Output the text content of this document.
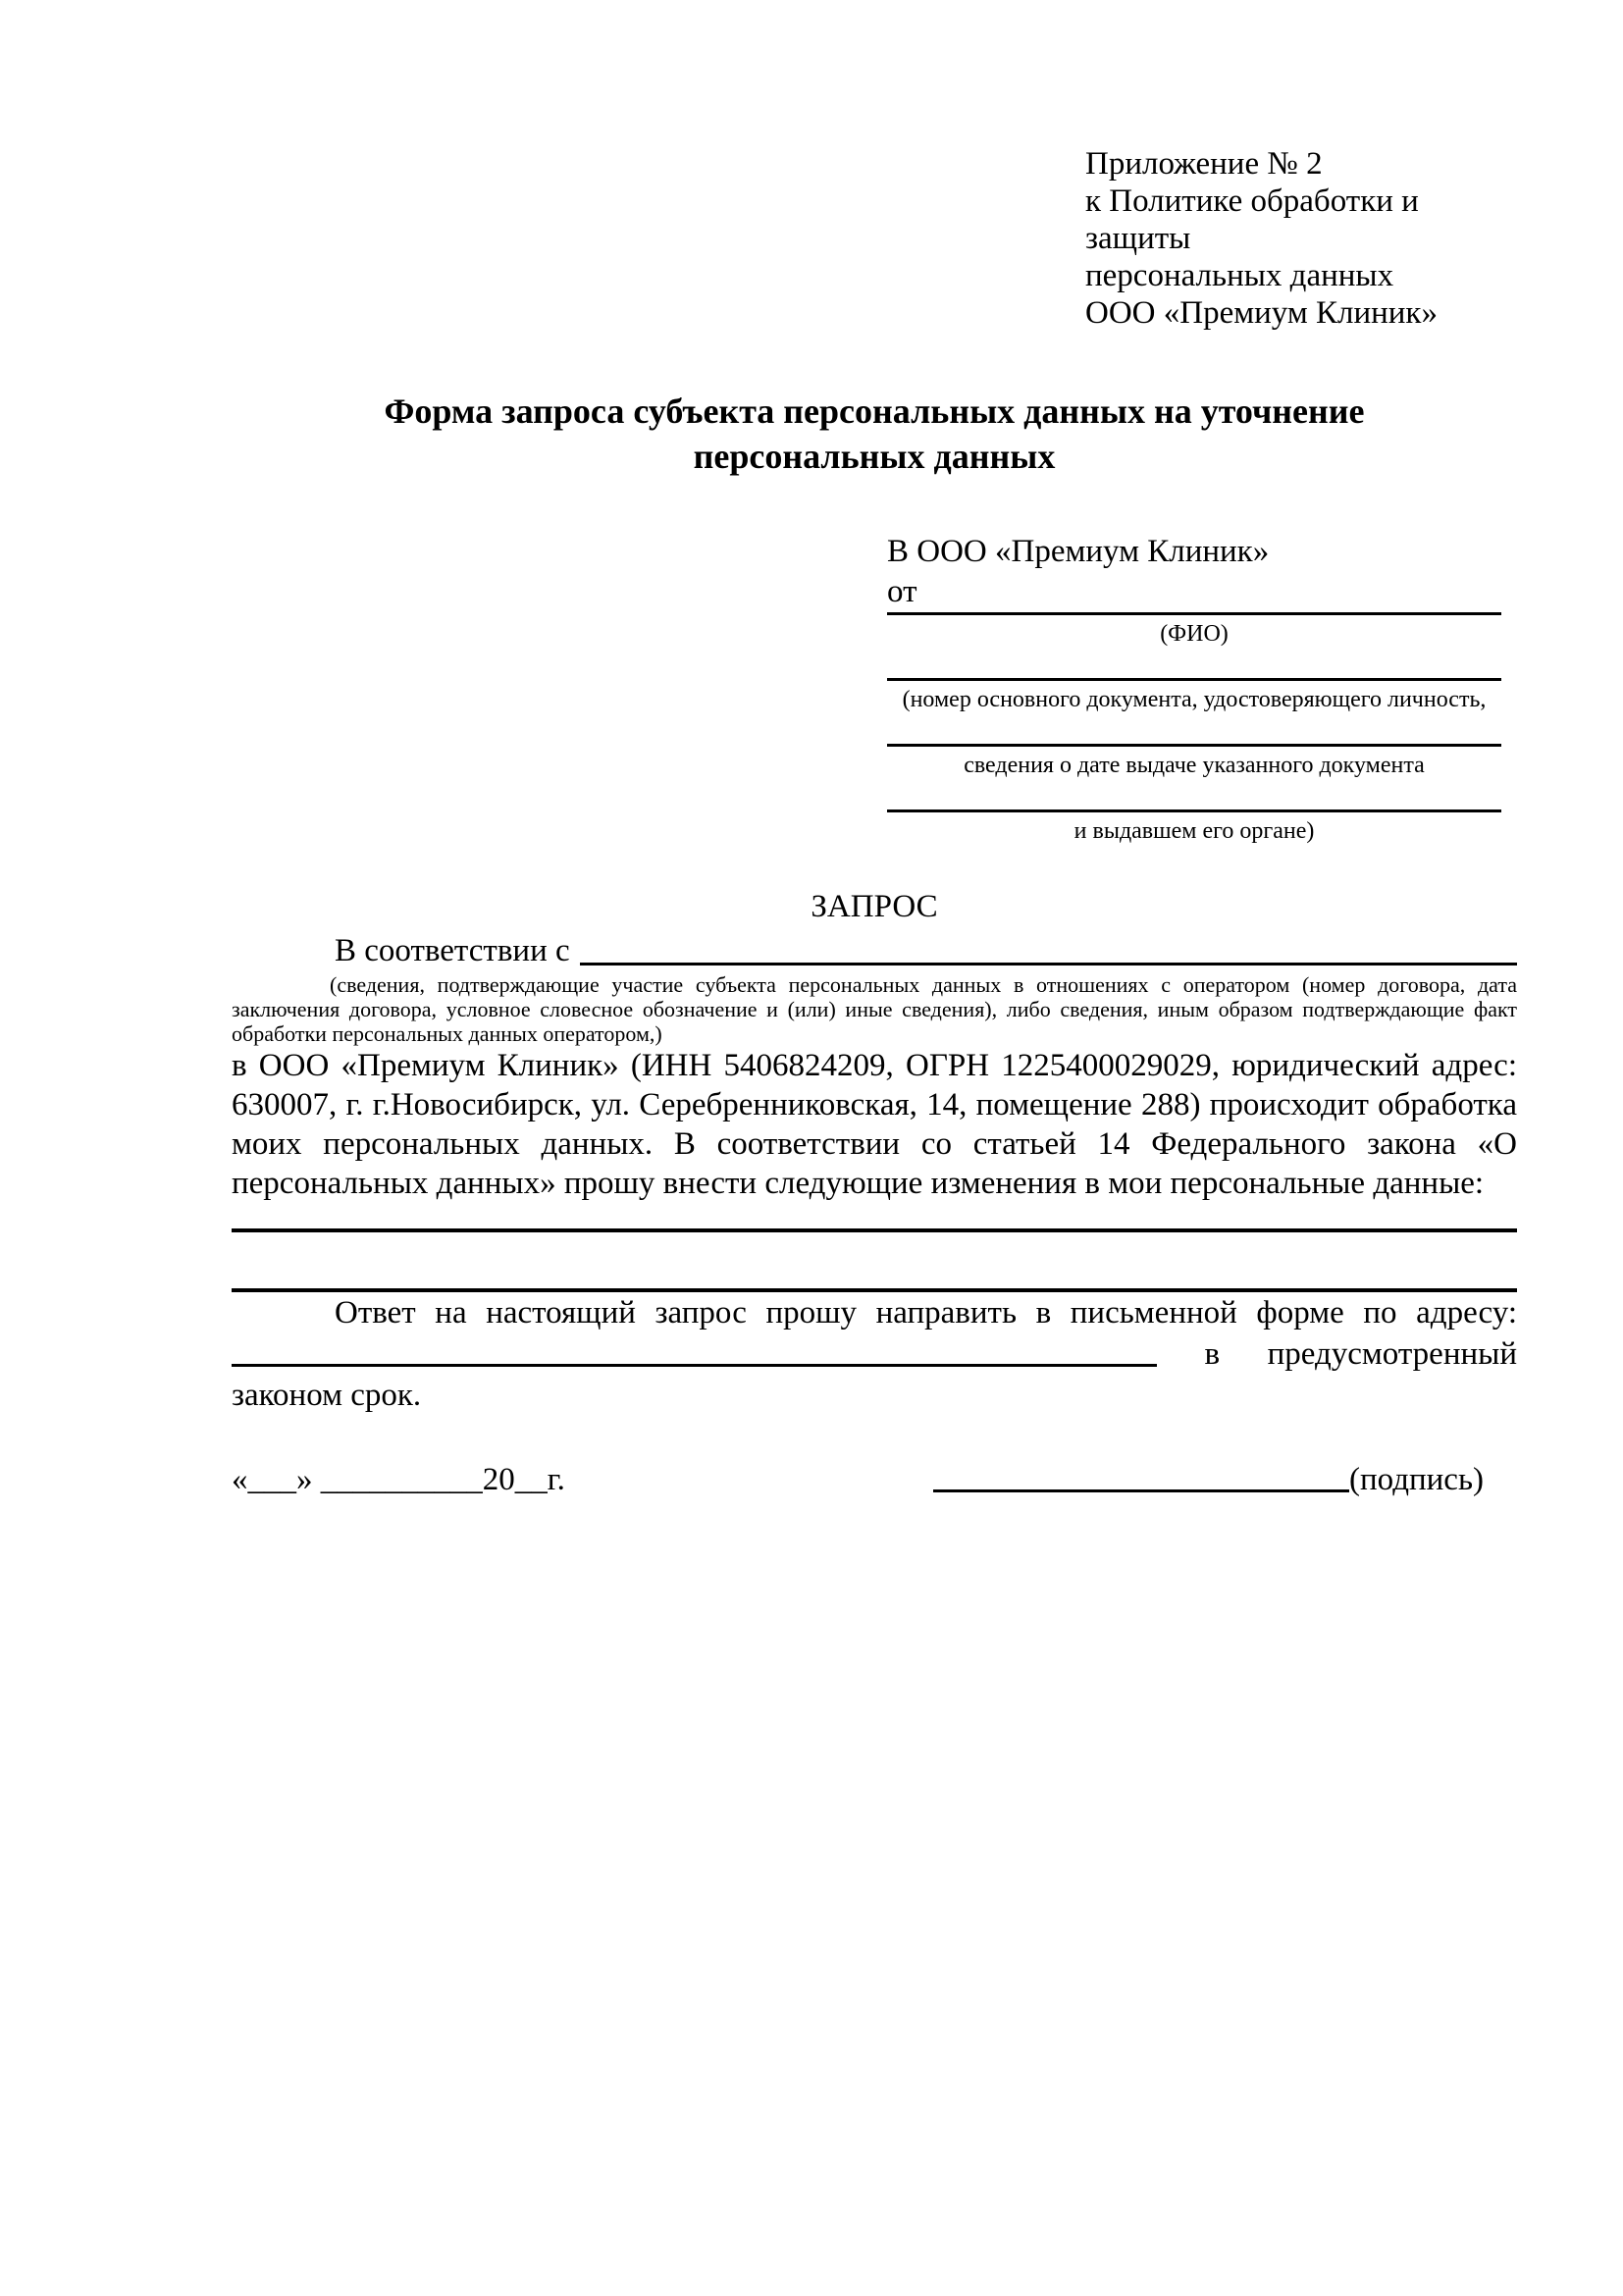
Приложение № 2
к Политике обработки и защиты
персональных данных
ООО «Премиум Клиник»
Форма запроса субъекта персональных данных на уточнение персональных данных
В ООО «Премиум Клиник»
от
(ФИО)
(номер основного документа, удостоверяющего личность,
сведения о дате выдаче указанного документа
и выдавшем его органе)
ЗАПРОС
В соответствии с

(сведения, подтверждающие участие субъекта персональных данных в отношениях с оператором (номер договора, дата заключения договора, условное словесное обозначение и (или) иные сведения), либо сведения, иным образом подтверждающие факт обработки персональных данных оператором,)

в ООО «Премиум Клиник» (ИНН 5406824209, ОГРН 1225400029029, юридический адрес: 630007, г. г.Новосибирск, ул. Серебренниковская, 14, помещение 288) происходит обработка моих персональных данных. В соответствии со статьей 14 Федерального закона «О персональных данных» прошу внести следующие изменения в мои персональные данные:

Ответ на настоящий запрос прошу направить в письменной форме по адресу:

в предусмотренный

законом срок.

«___» __________20__г.	(подпись)
